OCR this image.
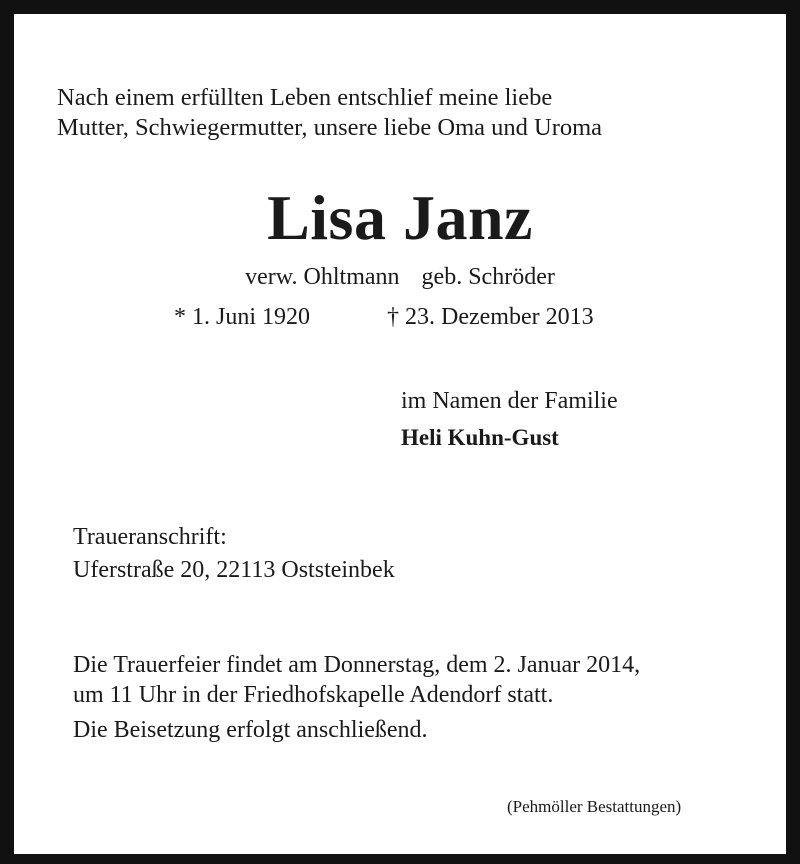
Nach einem erfüllten Leben entschlief meine liebe
Mutter, Schwiegermutter, unsere liebe Oma und Uroma
Lisa Janz
verw. Ohltmann geb. Schröder
* 1. Juni 1920	† 23. Dezember 2013
im Namen der Familie
Heli Kuhn-Gust
Traueranschrift:
Uferstraße 20, 22113 Oststeinbek
Die Trauerfeier findet am Donnerstag, dem 2. Januar 2014,
um 11 Uhr in der Friedhofskapelle Adendorf statt.
Die Beisetzung erfolgt anschließend.
(Pehmöller Bestattungen)
